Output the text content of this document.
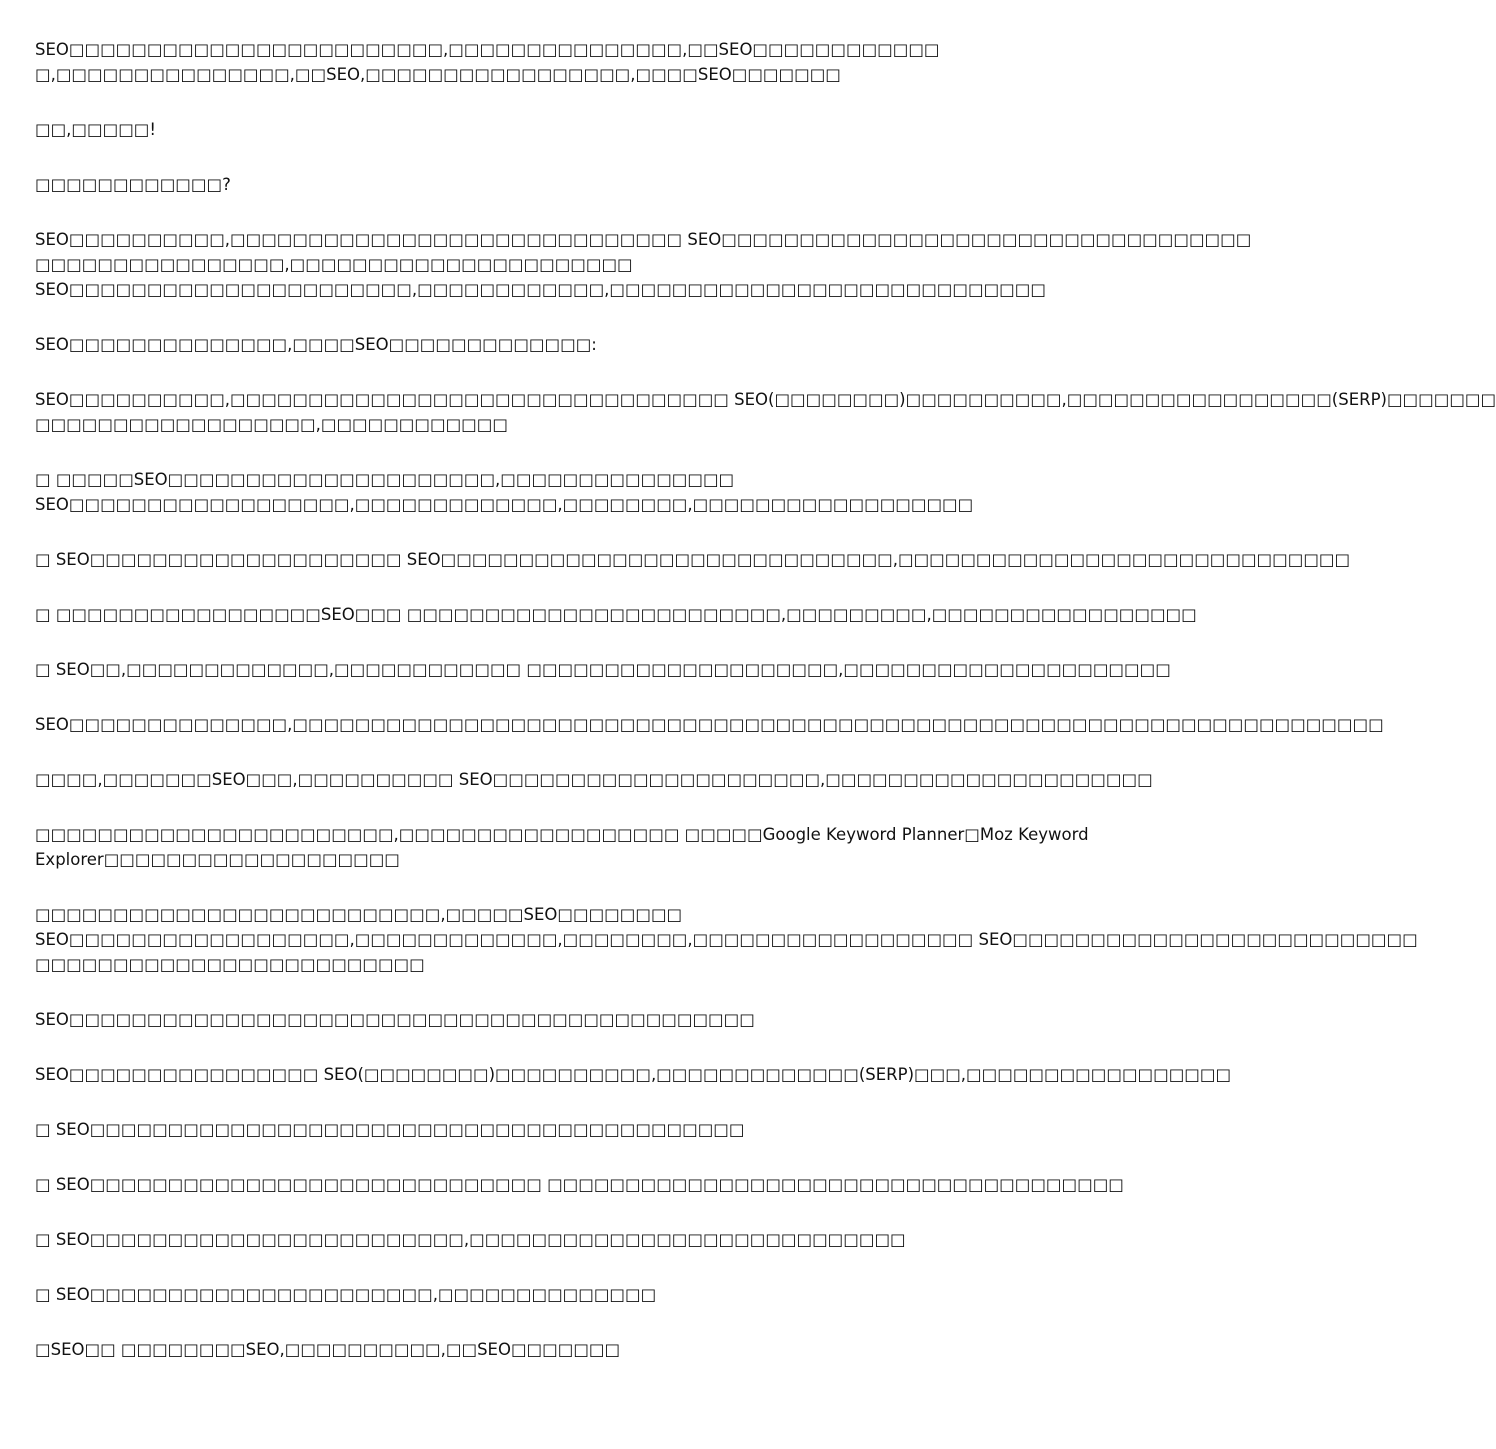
SEO□□□□□□□□□□□□□□□□□□□□□□□□,□□□□□□□□□□□□□□□,□□SEO□□□□□□□□□□□□
□,□□□□□□□□□□□□□□□,□□SEO,□□□□□□□□□□□□□□□□□,□□□□SEO□□□□□□□

□□,□□□□□!

□□□□□□□□□□□□?

SEO□□□□□□□□□□,□□□□□□□□□□□□□□□□□□□□□□□□□□□□□ SEO□□□□□□□□□□□□□□□□□□□□□□□□□□□□□□□□□□
□□□□□□□□□□□□□□□□,□□□□□□□□□□□□□□□□□□□□□□
SEO□□□□□□□□□□□□□□□□□□□□□□,□□□□□□□□□□□□,□□□□□□□□□□□□□□□□□□□□□□□□□□□□

SEO□□□□□□□□□□□□□□,□□□□SEO□□□□□□□□□□□□□:

SEO□□□□□□□□□□,□□□□□□□□□□□□□□□□□□□□□□□□□□□□□□□□ SEO(□□□□□□□□)□□□□□□□□□□,□□□□□□□□□□□□□□□□□(SERP)□□□□□□□
□□□□□□□□□□□□□□□□□□,□□□□□□□□□□□□

□ □□□□□SEO□□□□□□□□□□□□□□□□□□□□□,□□□□□□□□□□□□□□□
SEO□□□□□□□□□□□□□□□□□□,□□□□□□□□□□□□□,□□□□□□□□,□□□□□□□□□□□□□□□□□□

□ SEO□□□□□□□□□□□□□□□□□□□□ SEO□□□□□□□□□□□□□□□□□□□□□□□□□□□□□,□□□□□□□□□□□□□□□□□□□□□□□□□□□□□

□ □□□□□□□□□□□□□□□□□SEO□□□ □□□□□□□□□□□□□□□□□□□□□□□□,□□□□□□□□□,□□□□□□□□□□□□□□□□□

□ SEO□□,□□□□□□□□□□□□□,□□□□□□□□□□□□ □□□□□□□□□□□□□□□□□□□□,□□□□□□□□□□□□□□□□□□□□□

SEO□□□□□□□□□□□□□□,□□□□□□□□□□□□□□□□□□□□□□□□□□□□□□□□□□□□□□□□□□□□□□□□□□□□□□□□□□□□□□□□□□□□□□

□□□□,□□□□□□□SEO□□□,□□□□□□□□□□ SEO□□□□□□□□□□□□□□□□□□□□□,□□□□□□□□□□□□□□□□□□□□□

□□□□□□□□□□□□□□□□□□□□□□□,□□□□□□□□□□□□□□□□□□ □□□□□Google Keyword Planner□Moz Keyword
Explorer□□□□□□□□□□□□□□□□□□□

□□□□□□□□□□□□□□□□□□□□□□□□□□,□□□□□SEO□□□□□□□□
SEO□□□□□□□□□□□□□□□□□□,□□□□□□□□□□□□□,□□□□□□□□,□□□□□□□□□□□□□□□□□□ SEO□□□□□□□□□□□□□□□□□□□□□□□□□□
□□□□□□□□□□□□□□□□□□□□□□□□□

SEO□□□□□□□□□□□□□□□□□□□□□□□□□□□□□□□□□□□□□□□□□□□□

SEO□□□□□□□□□□□□□□□□ SEO(□□□□□□□□)□□□□□□□□□□,□□□□□□□□□□□□□(SERP)□□□,□□□□□□□□□□□□□□□□□

□ SEO□□□□□□□□□□□□□□□□□□□□□□□□□□□□□□□□□□□□□□□□□□

□ SEO□□□□□□□□□□□□□□□□□□□□□□□□□□□□□ □□□□□□□□□□□□□□□□□□□□□□□□□□□□□□□□□□□□□

□ SEO□□□□□□□□□□□□□□□□□□□□□□□□,□□□□□□□□□□□□□□□□□□□□□□□□□□□□

□ SEO□□□□□□□□□□□□□□□□□□□□□□,□□□□□□□□□□□□□□

□SEO□□ □□□□□□□□SEO,□□□□□□□□□□,□□SEO□□□□□□□
